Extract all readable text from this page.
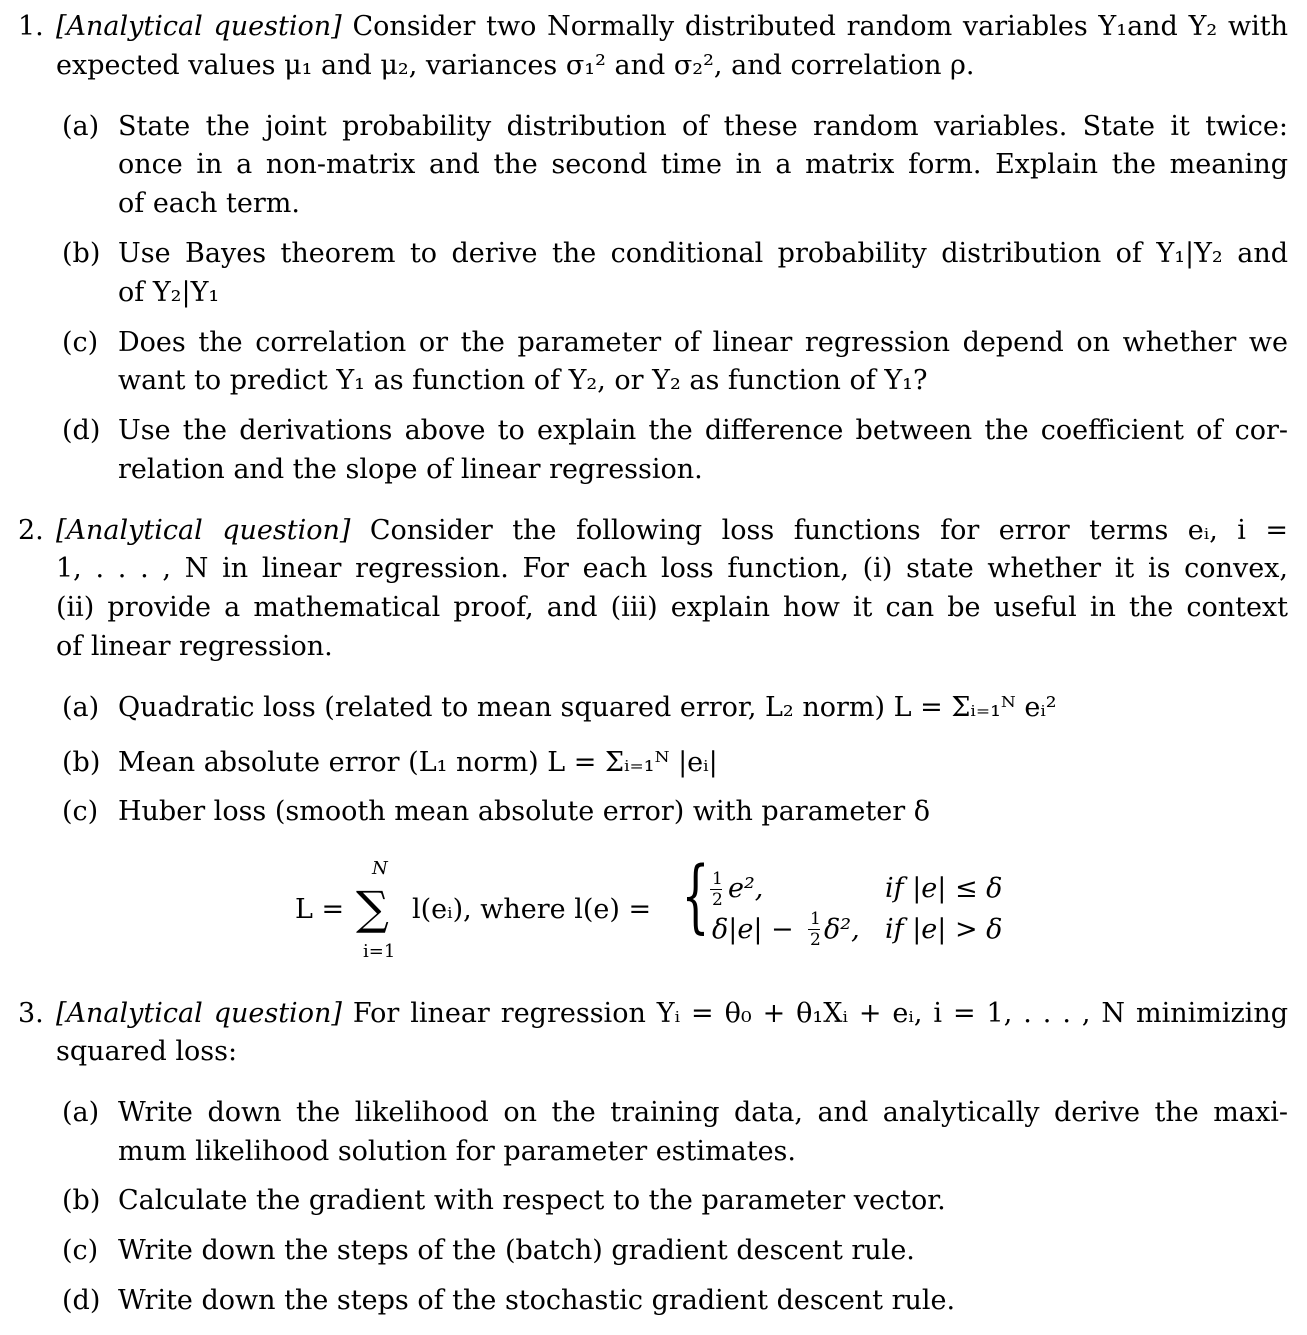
1. [Analytical question] Consider two Normally distributed random variables Y₁and Y₂ with
expected values μ₁ and μ₂, variances σ₁² and σ₂², and correlation ρ.
(a) State the joint probability distribution of these random variables. State it twice:
once in a non-matrix and the second time in a matrix form. Explain the meaning
of each term.
(b) Use Bayes theorem to derive the conditional probability distribution of Y₁|Y₂ and
of Y₂|Y₁
(c) Does the correlation or the parameter of linear regression depend on whether we
want to predict Y₁ as function of Y₂, or Y₂ as function of Y₁?
(d) Use the derivations above to explain the difference between the coefficient of cor-
relation and the slope of linear regression.
2. [Analytical question] Consider the following loss functions for error terms eᵢ, i =
1, . . . , N in linear regression. For each loss function, (i) state whether it is convex,
(ii) provide a mathematical proof, and (iii) explain how it can be useful in the context
of linear regression.
(a) Quadratic loss (related to mean squared error, L₂ norm) L = Σᵢ₌₁ᴺ eᵢ²
(b) Mean absolute error (L₁ norm) L = Σᵢ₌₁ᴺ |eᵢ|
(c) Huber loss (smooth mean absolute error) with parameter δ
L =
N
∑
i=1
l(eᵢ), where l(e) = { 1
2 e²,	if |e| ≤ δ
δ|e| − 1
2 δ², if |e| > δ
3. [Analytical question] For linear regression Yᵢ = θ₀ + θ₁Xᵢ + eᵢ, i = 1, . . . , N minimizing
squared loss:
(a) Write down the likelihood on the training data, and analytically derive the maxi-
mum likelihood solution for parameter estimates.
(b) Calculate the gradient with respect to the parameter vector.
(c) Write down the steps of the (batch) gradient descent rule.
(d) Write down the steps of the stochastic gradient descent rule.
